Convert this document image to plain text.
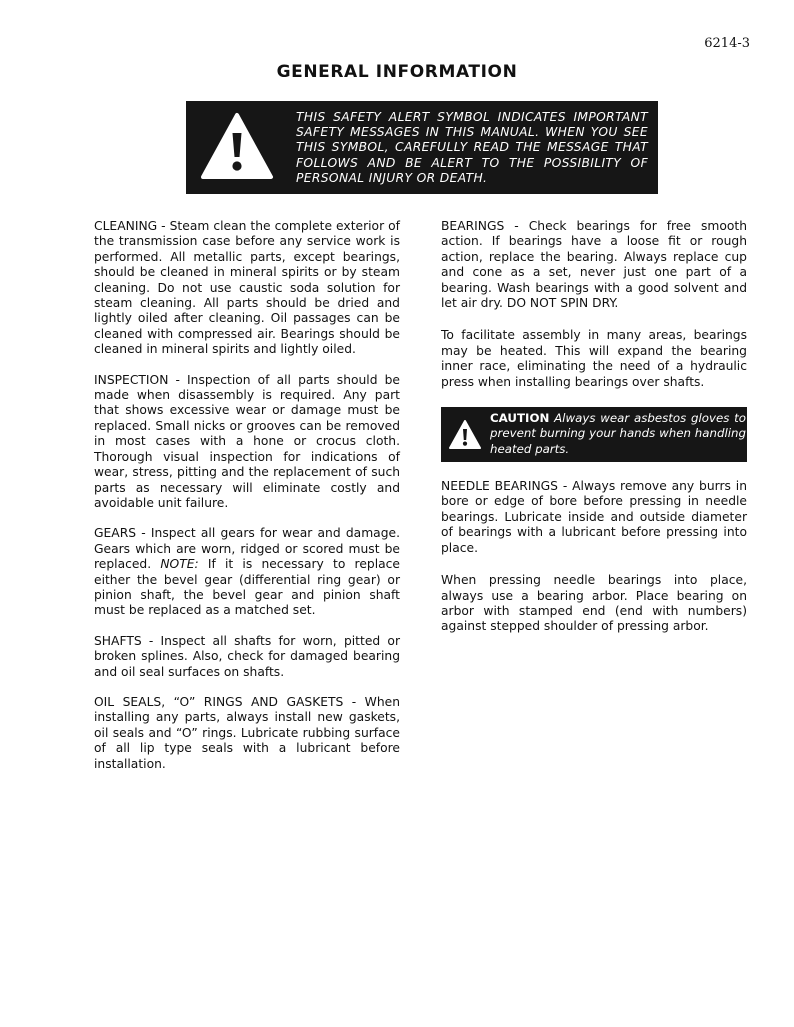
6214-3
GENERAL INFORMATION
THIS SAFETY ALERT SYMBOL INDICATES IMPORTANT SAFETY MESSAGES IN THIS MANUAL. WHEN YOU SEE THIS SYMBOL, CAREFULLY READ THE MESSAGE THAT FOLLOWS AND BE ALERT TO THE POSSIBILITY OF PERSONAL INJURY OR DEATH.

CLEANING - Steam clean the complete exterior of the transmission case before any service work is performed. All metallic parts, except bearings, should be cleaned in mineral spirits or by steam cleaning. Do not use caustic soda solution for steam cleaning. All parts should be dried and lightly oiled after cleaning. Oil passages can be cleaned with compressed air. Bearings should be cleaned in mineral spirits and lightly oiled.

INSPECTION - Inspection of all parts should be made when disassembly is required. Any part that shows excessive wear or damage must be replaced. Small nicks or grooves can be removed in most cases with a hone or crocus cloth. Thorough visual inspection for indications of wear, stress, pitting and the replacement of such parts as necessary will eliminate costly and avoidable unit failure.

GEARS - Inspect all gears for wear and damage. Gears which are worn, ridged or scored must be replaced. NOTE: If it is necessary to replace either the bevel gear (differential ring gear) or pinion shaft, the bevel gear and pinion shaft must be replaced as a matched set.

SHAFTS - Inspect all shafts for worn, pitted or broken splines. Also, check for damaged bearing and oil seal surfaces on shafts.

OIL SEALS, “O” RINGS AND GASKETS - When installing any parts, always install new gaskets, oil seals and “O” rings. Lubricate rubbing surface of all lip type seals with a lubricant before installation.

BEARINGS - Check bearings for free smooth action. If bearings have a loose fit or rough action, replace the bearing. Always replace cup and cone as a set, never just one part of a bearing. Wash bearings with a good solvent and let air dry. DO NOT SPIN DRY.

To facilitate assembly in many areas, bearings may be heated. This will expand the bearing inner race, eliminating the need of a hydraulic press when installing bearings over shafts.

CAUTION Always wear asbestos gloves to prevent burning your hands when handling heated parts.

NEEDLE BEARINGS - Always remove any burrs in bore or edge of bore before pressing in needle bearings. Lubricate inside and outside diameter of bearings with a lubricant before pressing into place.

When pressing needle bearings into place, always use a bearing arbor. Place bearing on arbor with stamped end (end with numbers) against stepped shoulder of pressing arbor.
